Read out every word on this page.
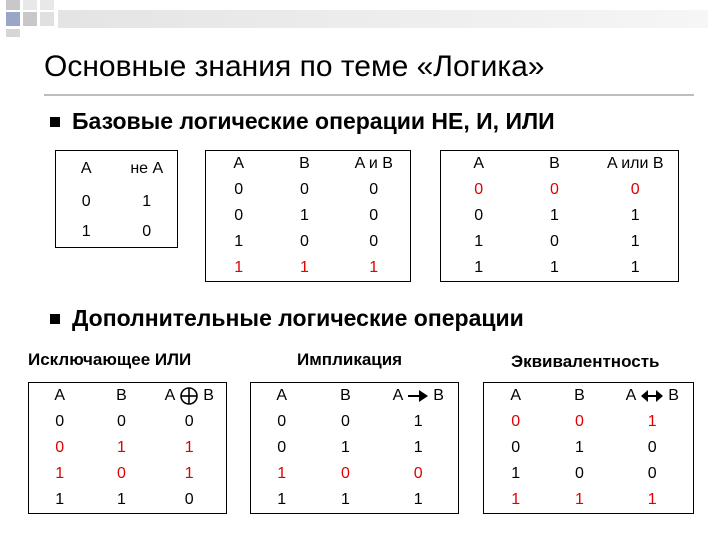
Основные знания по теме «Логика»
Базовые логические операции НЕ, И, ИЛИ
A	не A
0	1
1	0
A	B	A и B
0	0	0
0	1	0
1	0	0
1	1	1
A	B	A или B
0	0	0
0	1	1
1	0	1
1	1	1
Дополнительные логические операции
Исключающее ИЛИ	Импликация	Эквивалентность
A	B	A B
0	0	0
0	1	1
1	0	1
1	1	0
A	B	A B
0	0	1
0	1	1
1	0	0
1	1	1
A	B	A B
0	0	1
0	1	0
1	0	0
1	1	1
